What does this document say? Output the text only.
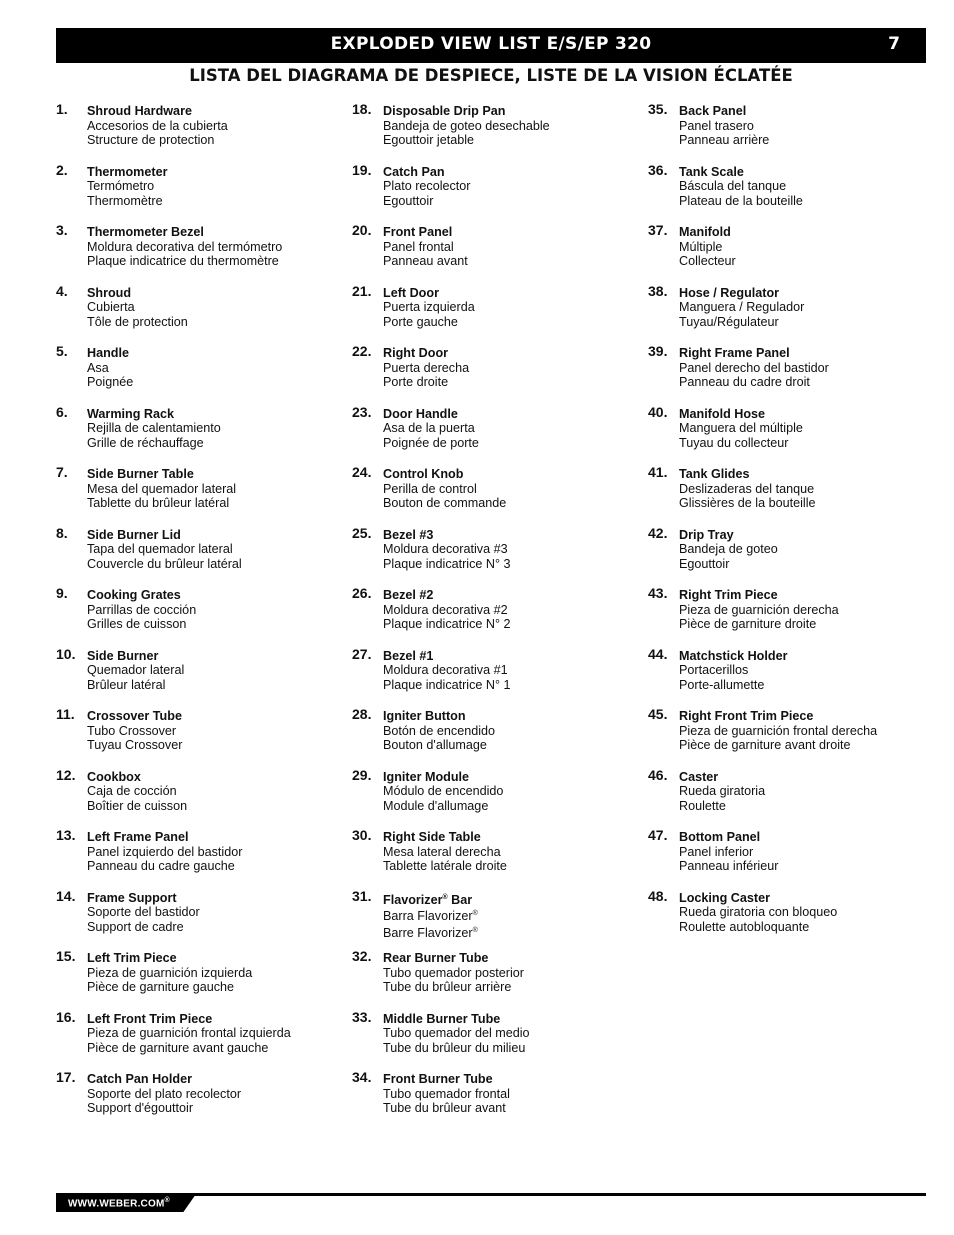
EXPLODED VIEW LIST E/S/EP 320	7
LISTA DEL DIAGRAMA DE DESPIECE, LISTE DE LA VISION ÉCLATÉE
1. Shroud Hardware
Accesorios de la cubierta
Structure de protection
2. Thermometer
Termómetro
Thermomètre
3. Thermometer Bezel
Moldura decorativa del termómetro
Plaque indicatrice du thermomètre
4. Shroud
Cubierta
Tôle de protection
5. Handle
Asa
Poignée
6. Warming Rack
Rejilla de calentamiento
Grille de réchauffage
7. Side Burner Table
Mesa del quemador lateral
Tablette du brûleur latéral
8. Side Burner Lid
Tapa del quemador lateral
Couvercle du brûleur latéral
9. Cooking Grates
Parrillas de cocción
Grilles de cuisson
10. Side Burner
Quemador lateral
Brûleur latéral
11. Crossover Tube
Tubo Crossover
Tuyau Crossover
12. Cookbox
Caja de cocción
Boîtier de cuisson
13. Left Frame Panel
Panel izquierdo del bastidor
Panneau du cadre gauche
14. Frame Support
Soporte del bastidor
Support de cadre
15. Left Trim Piece
Pieza de guarnición izquierda
Pièce de garniture gauche
16. Left Front Trim Piece
Pieza de guarnición frontal izquierda
Pièce de garniture avant gauche
17. Catch Pan Holder
Soporte del plato recolector
Support d'égouttoir
18. Disposable Drip Pan
Bandeja de goteo desechable
Egouttoir jetable
19. Catch Pan
Plato recolector
Egouttoir
20. Front Panel
Panel frontal
Panneau avant
21. Left Door
Puerta izquierda
Porte gauche
22. Right Door
Puerta derecha
Porte droite
23. Door Handle
Asa de la puerta
Poignée de porte
24. Control Knob
Perilla de control
Bouton de commande
25. Bezel #3
Moldura decorativa #3
Plaque indicatrice N° 3
26. Bezel #2
Moldura decorativa #2
Plaque indicatrice N° 2
27. Bezel #1
Moldura decorativa #1
Plaque indicatrice N° 1
28. Igniter Button
Botón de encendido
Bouton d'allumage
29. Igniter Module
Módulo de encendido
Module d'allumage
30. Right Side Table
Mesa lateral derecha
Tablette latérale droite
31. Flavorizer® Bar
Barra Flavorizer®
Barre Flavorizer®
32. Rear Burner Tube
Tubo quemador posterior
Tube du brûleur arrière
33. Middle Burner Tube
Tubo quemador del medio
Tube du brûleur du milieu
34. Front Burner Tube
Tubo quemador frontal
Tube du brûleur avant
35. Back Panel
Panel trasero
Panneau arrière
36. Tank Scale
Báscula del tanque
Plateau de la bouteille
37. Manifold
Múltiple
Collecteur
38. Hose / Regulator
Manguera / Regulador
Tuyau/Régulateur
39. Right Frame Panel
Panel derecho del bastidor
Panneau du cadre droit
40. Manifold Hose
Manguera del múltiple
Tuyau du collecteur
41. Tank Glides
Deslizaderas del tanque
Glissières de la bouteille
42. Drip Tray
Bandeja de goteo
Egouttoir
43. Right Trim Piece
Pieza de guarnición derecha
Pièce de garniture droite
44. Matchstick Holder
Portacerillos
Porte-allumette
45. Right Front Trim Piece
Pieza de guarnición frontal derecha
Pièce de garniture avant droite
46. Caster
Rueda giratoria
Roulette
47. Bottom Panel
Panel inferior
Panneau inférieur
48. Locking Caster
Rueda giratoria con bloqueo
Roulette autobloquante
WWW.WEBER.COM®
